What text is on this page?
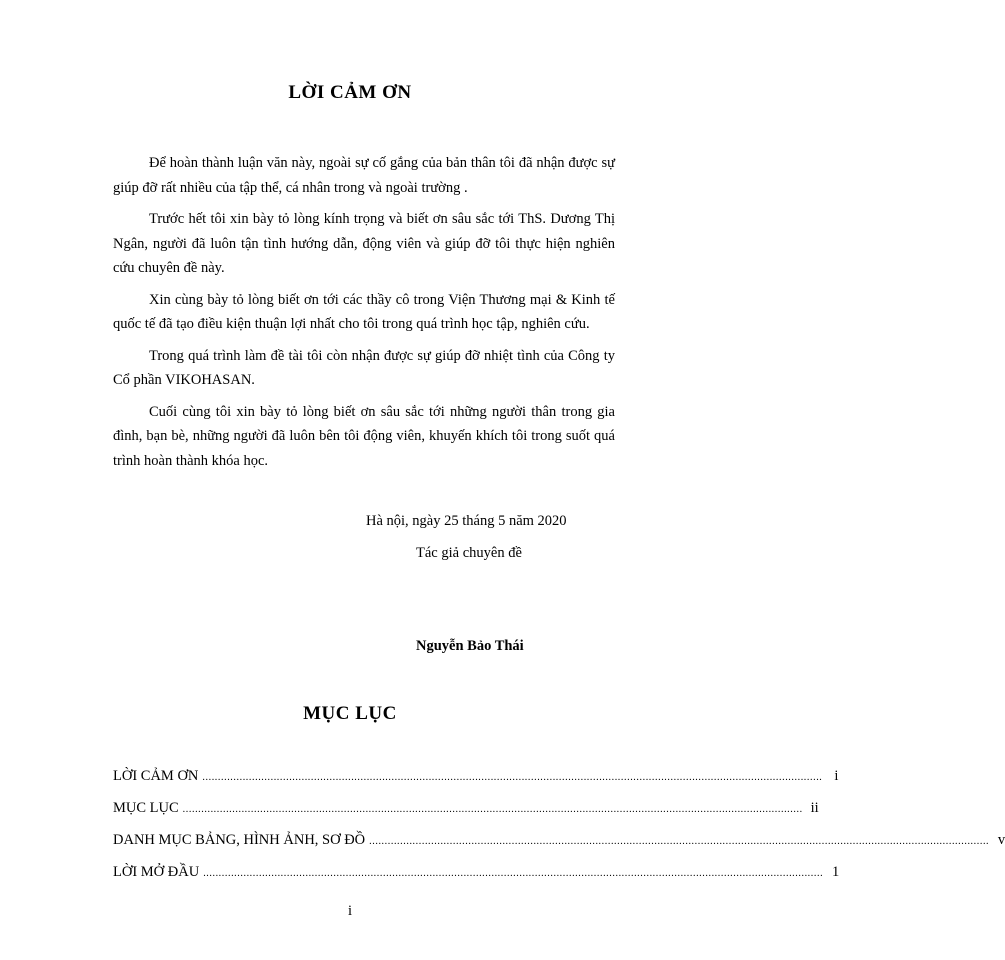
LỜI CẢM ƠN

Để hoàn thành luận văn này, ngoài sự cố gắng của bản thân tôi đã nhận được sự giúp đỡ rất nhiều của tập thể, cá nhân trong và ngoài trường .

Trước hết tôi xin bày tỏ lòng kính trọng và biết ơn sâu sắc tới ThS. Dương Thị Ngân, người đã luôn tận tình hướng dẫn, động viên và giúp đỡ tôi thực hiện nghiên cứu chuyên đề này.

Xin cùng bày tỏ lòng biết ơn tới các thầy cô trong Viện Thương mại & Kinh tế quốc tế đã tạo điều kiện thuận lợi nhất cho tôi trong quá trình học tập, nghiên cứu.

Trong quá trình làm đề tài tôi còn nhận được sự giúp đỡ nhiệt tình của Công ty Cổ phần VIKOHASAN.

Cuối cùng tôi xin bày tỏ lòng biết ơn sâu sắc tới những người thân trong gia đình, bạn bè, những người đã luôn bên tôi động viên, khuyến khích tôi trong suốt quá trình hoàn thành khóa học.

Hà nội, ngày 25 tháng 5 năm 2020
Tác giả chuyên đề
Nguyễn Bảo Thái
MỤC LỤC
LỜI CẢM ƠN ........................................................................................................................................................................................................ i
MỤC LỤC ........................................................................................................................................................................................................ ii
DANH MỤC BẢNG, HÌNH ẢNH, SƠ ĐỒ ........................................................................................................................................................................................................ v
LỜI MỞ ĐẦU ........................................................................................................................................................................................................ 1
i
